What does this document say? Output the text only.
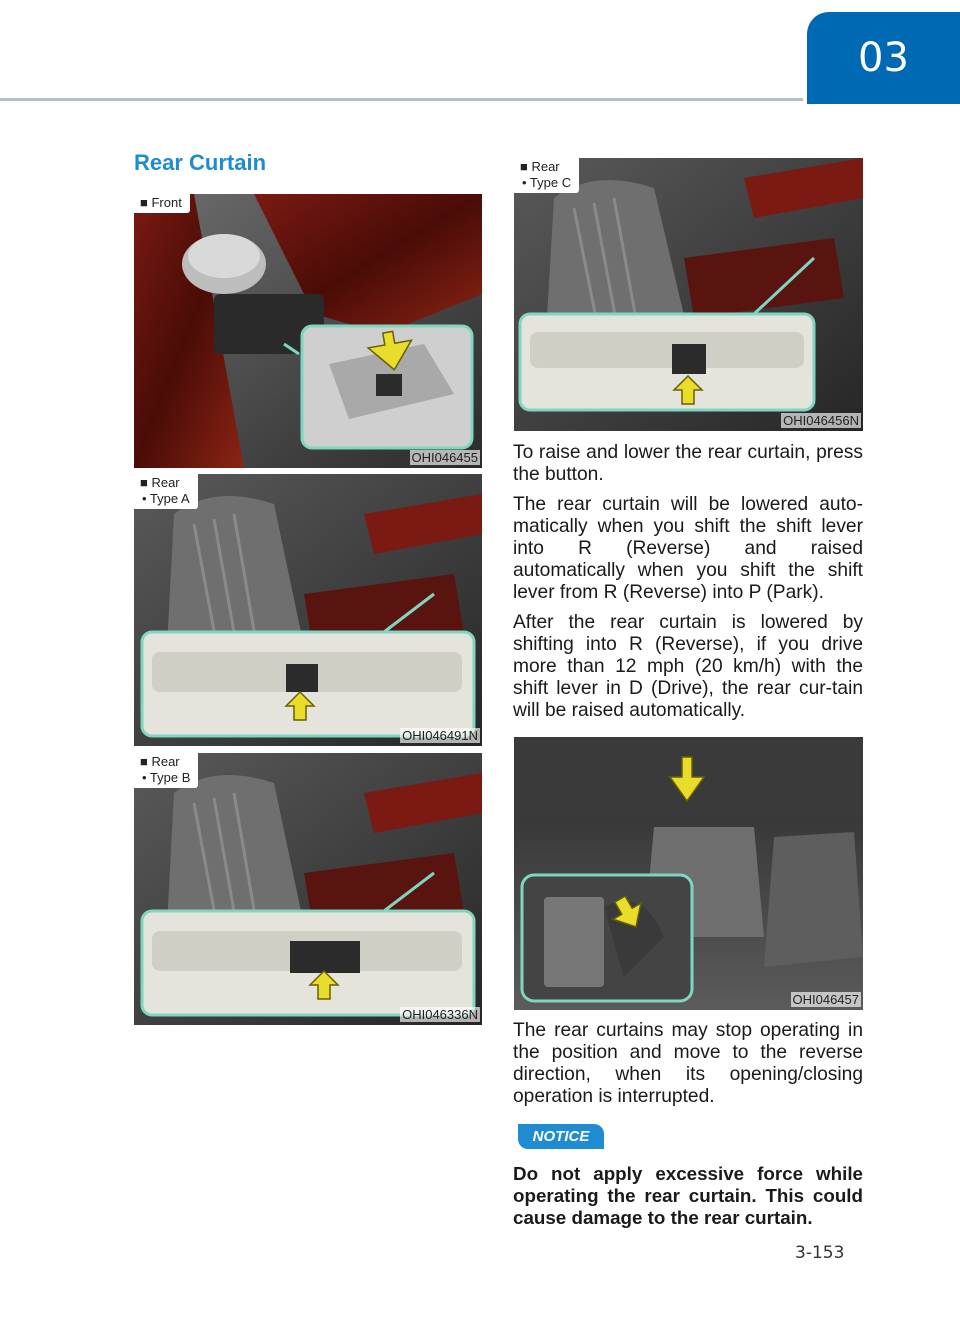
03
Rear Curtain
■ Front
OHI046455
■ Rear
• Type A
OHI046491N
■ Rear
• Type B
OHI046336N
■ Rear
• Type C
OHI046456N

To raise and lower the rear curtain, press the button.

The rear curtain will be lowered auto-matically when you shift the shift lever into R (Reverse) and raised automatically when you shift the shift lever from R (Reverse) into P (Park).

After the rear curtain is lowered by shifting into R (Reverse), if you drive more than 12 mph (20 km/h) with the shift lever in D (Drive), the rear cur-tain will be raised automatically.

OHI046457

The rear curtains may stop operating in the position and move to the reverse direction, when its opening/closing operation is interrupted.

NOTICE

Do not apply excessive force while operating the rear curtain. This could cause damage to the rear curtain.

3-153
